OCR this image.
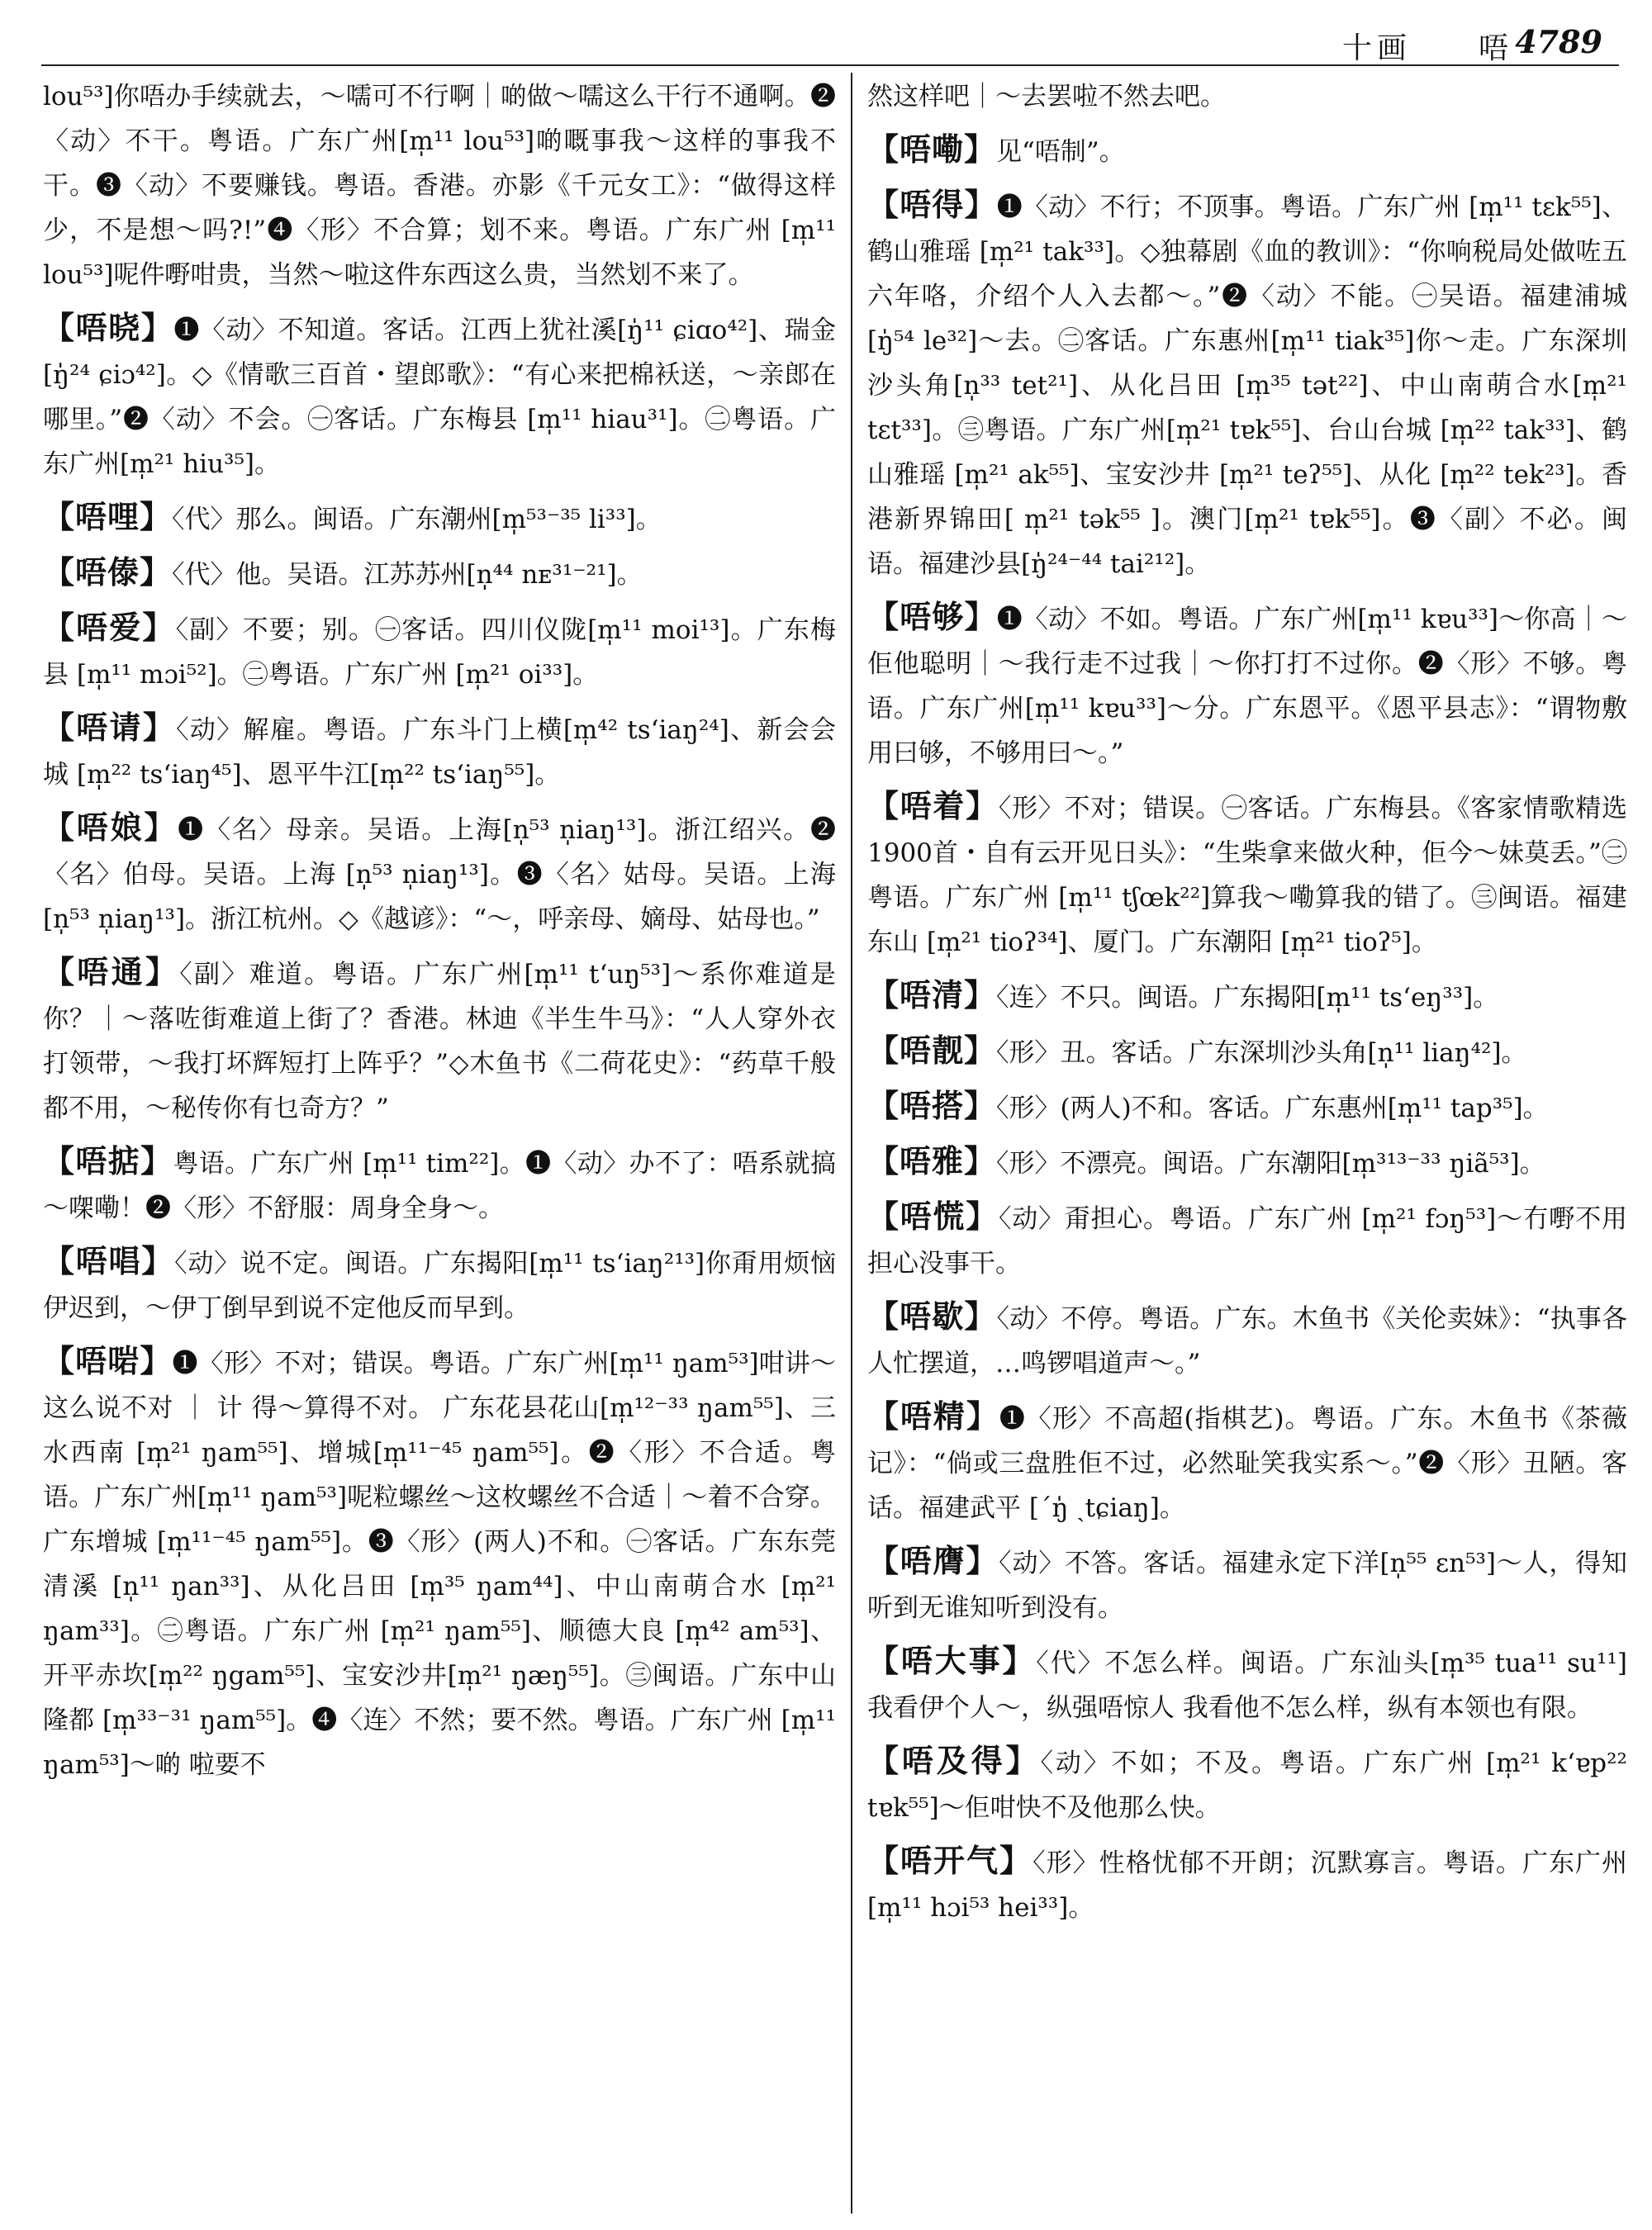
十画 唔 4789

lou⁵³]你唔办手续就去，～嚅可不行啊｜啲做～嚅这么干行不通啊。❷〈动〉不干。粤语。广东广州[m̩¹¹ lou⁵³]啲嘅事我～这样的事我不干。❸〈动〉不要赚钱。粤语。香港。亦影《千元女工》：“做得这样少，不是想～吗?!”❹〈形〉不合算；划不来。粤语。广东广州 [m̩¹¹ lou⁵³]呢件嘢咁贵，当然～啦这件东西这么贵，当然划不来了。

【唔晓】❶〈动〉不知道。客话。江西上犹社溪[ŋ̍¹¹ ɕiɑo⁴²]、瑞金 [ŋ̍²⁴ ɕiɔ⁴²]。◇《情歌三百首・望郎歌》：“有心来把棉袄送，～亲郎在哪里。”❷〈动〉不会。㊀客话。广东梅县 [m̩¹¹ hiau³¹]。㊁粤语。广东广州[m̩²¹ hiu³⁵]。

【唔哩】〈代〉那么。闽语。广东潮州[m̩⁵³⁻³⁵ li³³]。

【唔傣】〈代〉他。吴语。江苏苏州[n̩⁴⁴ nᴇ³¹⁻²¹]。

【唔爱】〈副〉不要；别。㊀客话。四川仪陇[m̩¹¹ moi¹³]。广东梅县 [m̩¹¹ mɔi⁵²]。㊁粤语。广东广州 [m̩²¹ oi³³]。

【唔请】〈动〉解雇。粤语。广东斗门上横[m̩⁴² tsʻiaŋ²⁴]、新会会城 [m̩²² tsʻiaŋ⁴⁵]、恩平牛江[m̩²² tsʻiaŋ⁵⁵]。

【唔娘】❶〈名〉母亲。吴语。上海[n̩⁵³ n̩iaŋ¹³]。浙江绍兴。❷〈名〉伯母。吴语。上海 [n̩⁵³ n̩iaŋ¹³]。❸〈名〉姑母。吴语。上海[n̩⁵³ n̩iaŋ¹³]。浙江杭州。◇《越谚》：“～，呼亲母、嫡母、姑母也。”

【唔通】〈副〉难道。粤语。广东广州[m̩¹¹ tʻuŋ⁵³]～系你难道是你？｜～落咗街难道上街了？香港。林迪《半生牛马》：“人人穿外衣打领带，～我打坏辉短打上阵乎？”◇木鱼书《二荷花史》：“药草千般都不用，～秘传你有乜奇方？”

【唔掂】粤语。广东广州 [m̩¹¹ tim²²]。❶〈动〉办不了：唔系就搞～㗎嘞！❷〈形〉不舒服：周身全身～。

【唔唱】〈动〉说不定。闽语。广东揭阳[m̩¹¹ tsʻiaŋ²¹³]你甭用烦恼伊迟到，～伊丁倒早到说不定他反而早到。

【唔啱】❶〈形〉不对；错误。粤语。广东广州[m̩¹¹ ŋam⁵³]咁讲～ 这么说不对 ｜ 计 得～算得不对。 广东花县花山[m̩¹²⁻³³ ŋam⁵⁵]、三水西南 [m̩²¹ ŋam⁵⁵]、增城[m̩¹¹⁻⁴⁵ ŋam⁵⁵]。❷〈形〉不合适。粤语。广东广州[m̩¹¹ ŋam⁵³]呢粒螺丝～这枚螺丝不合适｜～着不合穿。广东增城 [m̩¹¹⁻⁴⁵ ŋam⁵⁵]。❸〈形〉(两人)不和。㊀客话。广东东莞清溪 [n̩¹¹ ŋan³³]、从化吕田 [m̩³⁵ ŋam⁴⁴]、中山南萌合水 [m̩²¹ ŋam³³]。㊁粤语。广东广州 [m̩²¹ ŋam⁵⁵]、顺德大良 [m̩⁴² am⁵³]、开平赤坎[m̩²² ŋgam⁵⁵]、宝安沙井[m̩²¹ ŋæŋ⁵⁵]。㊂闽语。广东中山隆都 [m̩³³⁻³¹ ŋam⁵⁵]。❹〈连〉不然；要不然。粤语。广东广州 [m̩¹¹ ŋam⁵³]～啲 啦要不

然这样吧｜～去罢啦不然去吧。

【唔嘞】见“唔制”。

【唔得】❶〈动〉不行；不顶事。粤语。广东广州 [m̩¹¹ tɛk⁵⁵]、鹤山雅瑶 [m̩²¹ tak³³]。◇独幕剧《血的教训》：“你响税局处做咗五六年咯，介绍个人入去都～。”❷〈动〉不能。㊀吴语。福建浦城 [ŋ̍⁵⁴ le³²]～去。㊁客话。广东惠州[m̩¹¹ tiak³⁵]你～走。广东深圳沙头角[n̩³³ tet²¹]、从化吕田 [m̩³⁵ tət²²]、中山南萌合水[m̩²¹ tɛt³³]。㊂粤语。广东广州[m̩²¹ tɐk⁵⁵]、台山台城 [m̩²² tak³³]、鹤山雅瑶 [m̩²¹ ak⁵⁵]、宝安沙井 [m̩²¹ teʔ⁵⁵]、从化 [m̩²² tek²³]。香港新界锦田[ m̩²¹ tək⁵⁵ ]。澳门[m̩²¹ tɐk⁵⁵]。❸〈副〉不必。闽语。福建沙县[ŋ̍²⁴⁻⁴⁴ tai²¹²]。

【唔够】❶〈动〉不如。粤语。广东广州[m̩¹¹ kɐu³³]～你高｜～佢他聪明｜～我行走不过我｜～你打打不过你。❷〈形〉不够。粤语。广东广州[m̩¹¹ kɐu³³]～分。广东恩平。《恩平县志》：“谓物敷用曰够，不够用曰～。”

【唔着】〈形〉不对；错误。㊀客话。广东梅县。《客家情歌精选1900首・自有云开见日头》：“生柴拿来做火种，佢今～妹莫丢。”㊁粤语。广东广州 [m̩¹¹ tʃœk²²]算我～嘞算我的错了。㊂闽语。福建东山 [m̩²¹ tioʔ³⁴]、厦门。广东潮阳 [m̩²¹ tioʔ⁵]。

【唔清】〈连〉不只。闽语。广东揭阳[m̩¹¹ tsʻeŋ³³]。

【唔靓】〈形〉丑。客话。广东深圳沙头角[n̩¹¹ liaŋ⁴²]。

【唔搭】〈形〉(两人)不和。客话。广东惠州[m̩¹¹ tap³⁵]。

【唔雅】〈形〉不漂亮。闽语。广东潮阳[m̩³¹³⁻³³ ŋiã⁵³]。

【唔慌】〈动〉甭担心。粤语。广东广州 [m̩²¹ fɔŋ⁵³]～冇嘢不用担心没事干。

【唔歇】〈动〉不停。粤语。广东。木鱼书《关伦卖妹》：“执事各人忙摆道，…鸣锣唱道声～。”

【唔精】❶〈形〉不高超(指棋艺)。粤语。广东。木鱼书《茶薇记》：“倘或三盘胜佢不过，必然耻笑我实系～。”❷〈形〉丑陋。客话。福建武平 [ˊŋ̍ ˏtɕiaŋ]。

【唔膺】〈动〉不答。客话。福建永定下洋[n̩⁵⁵ ɛn⁵³]～人，得知听到无谁知听到没有。

【唔大事】〈代〉不怎么样。闽语。广东汕头[m̩³⁵ tua¹¹ su¹¹] 我看伊个人～，纵强唔惊人 我看他不怎么样，纵有本领也有限。

【唔及得】〈动〉不如；不及。粤语。广东广州 [m̩²¹ kʻɐp²² tɐk⁵⁵]～佢咁快不及他那么快。

【唔开气】〈形〉性格忧郁不开朗；沉默寡言。粤语。广东广州 [m̩¹¹ hɔi⁵³ hei³³]。
